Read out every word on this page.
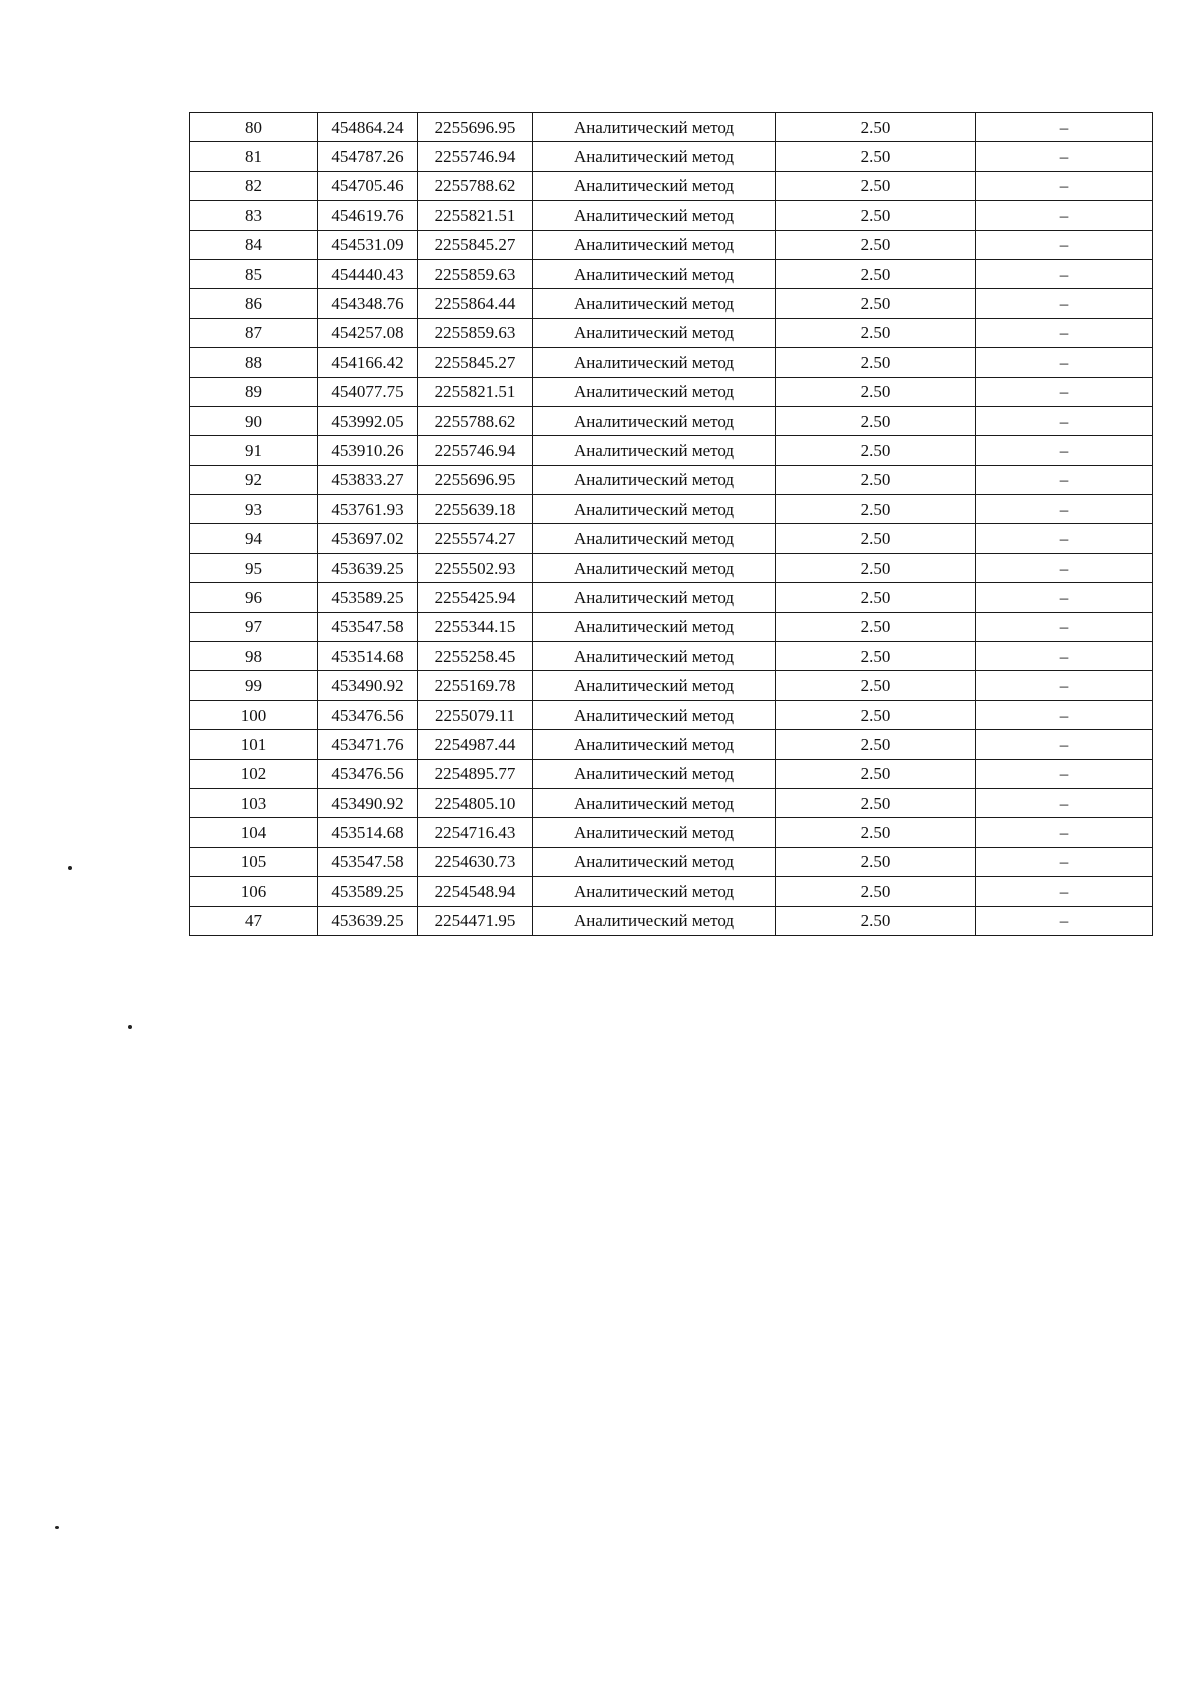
80	454864.24	2255696.95	Аналитический метод	2.50	–
81	454787.26	2255746.94	Аналитический метод	2.50	–
82	454705.46	2255788.62	Аналитический метод	2.50	–
83	454619.76	2255821.51	Аналитический метод	2.50	–
84	454531.09	2255845.27	Аналитический метод	2.50	–
85	454440.43	2255859.63	Аналитический метод	2.50	–
86	454348.76	2255864.44	Аналитический метод	2.50	–
87	454257.08	2255859.63	Аналитический метод	2.50	–
88	454166.42	2255845.27	Аналитический метод	2.50	–
89	454077.75	2255821.51	Аналитический метод	2.50	–
90	453992.05	2255788.62	Аналитический метод	2.50	–
91	453910.26	2255746.94	Аналитический метод	2.50	–
92	453833.27	2255696.95	Аналитический метод	2.50	–
93	453761.93	2255639.18	Аналитический метод	2.50	–
94	453697.02	2255574.27	Аналитический метод	2.50	–
95	453639.25	2255502.93	Аналитический метод	2.50	–
96	453589.25	2255425.94	Аналитический метод	2.50	–
97	453547.58	2255344.15	Аналитический метод	2.50	–
98	453514.68	2255258.45	Аналитический метод	2.50	–
99	453490.92	2255169.78	Аналитический метод	2.50	–
100	453476.56	2255079.11	Аналитический метод	2.50	–
101	453471.76	2254987.44	Аналитический метод	2.50	–
102	453476.56	2254895.77	Аналитический метод	2.50	–
103	453490.92	2254805.10	Аналитический метод	2.50	–
104	453514.68	2254716.43	Аналитический метод	2.50	–
105	453547.58	2254630.73	Аналитический метод	2.50	–
106	453589.25	2254548.94	Аналитический метод	2.50	–
47	453639.25	2254471.95	Аналитический метод	2.50	–
